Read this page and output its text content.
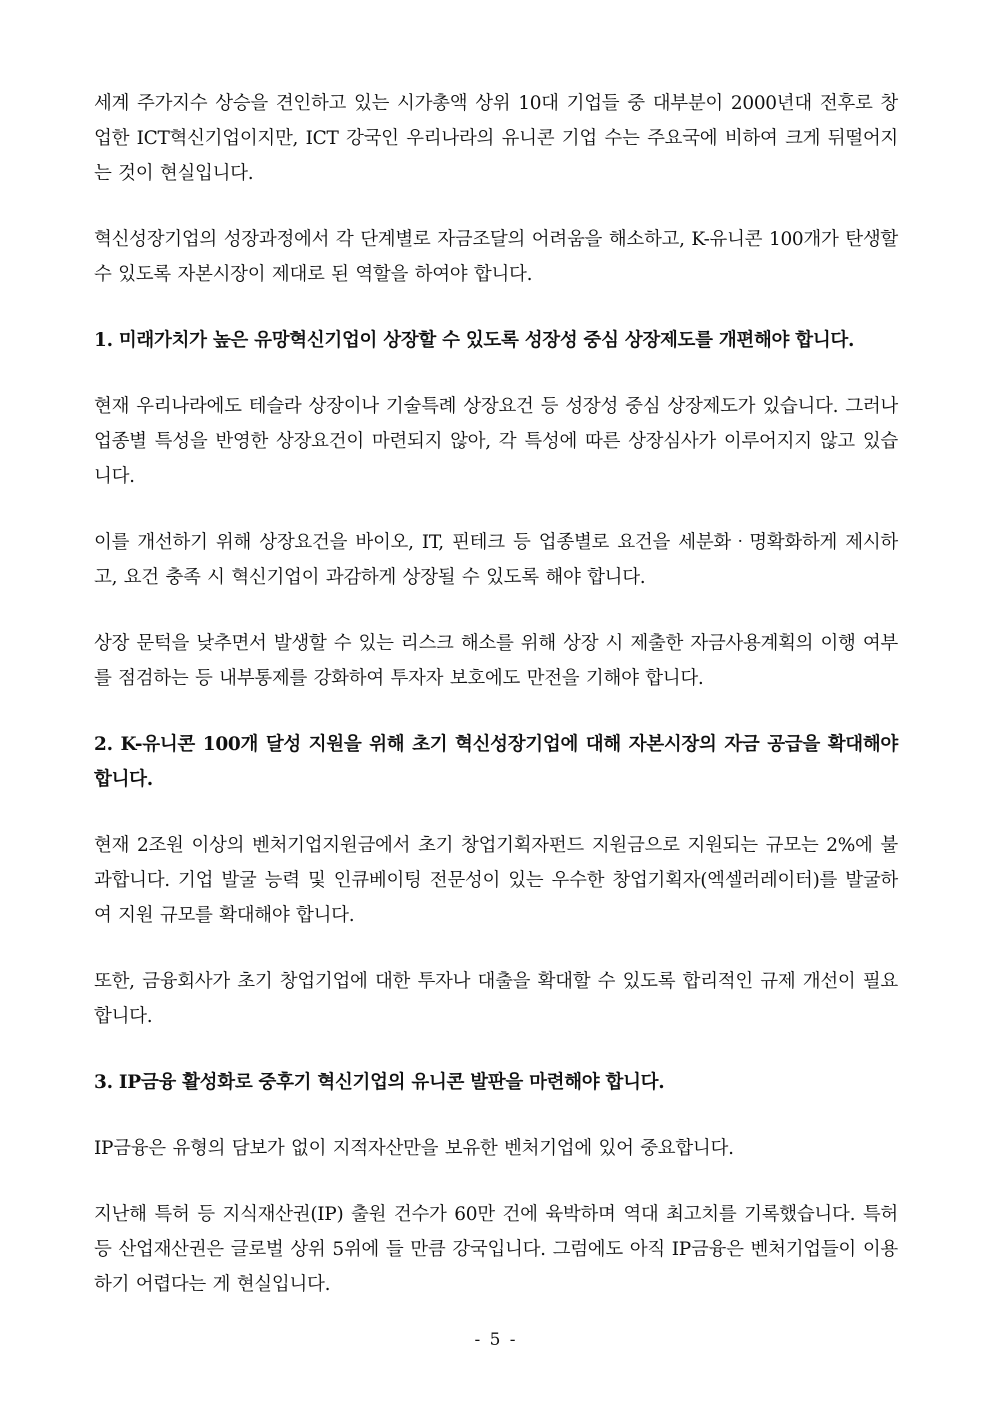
세계 주가지수 상승을 견인하고 있는 시가총액 상위 10대 기업들 중 대부분이 2000년대 전후로 창업한 ICT혁신기업이지만, ICT 강국인 우리나라의 유니콘 기업 수는 주요국에 비하여 크게 뒤떨어지는 것이 현실입니다.

혁신성장기업의 성장과정에서 각 단계별로 자금조달의 어려움을 해소하고, K-유니콘 100개가 탄생할 수 있도록 자본시장이 제대로 된 역할을 하여야 합니다.

1. 미래가치가 높은 유망혁신기업이 상장할 수 있도록 성장성 중심 상장제도를 개편해야 합니다.

현재 우리나라에도 테슬라 상장이나 기술특례 상장요건 등 성장성 중심 상장제도가 있습니다. 그러나 업종별 특성을 반영한 상장요건이 마련되지 않아, 각 특성에 따른 상장심사가 이루어지지 않고 있습니다.

이를 개선하기 위해 상장요건을 바이오, IT, 핀테크 등 업종별로 요건을 세분화‧명확화하게 제시하고, 요건 충족 시 혁신기업이 과감하게 상장될 수 있도록 해야 합니다.

상장 문턱을 낮추면서 발생할 수 있는 리스크 해소를 위해 상장 시 제출한 자금사용계획의 이행 여부를 점검하는 등 내부통제를 강화하여 투자자 보호에도 만전을 기해야 합니다.

2. K-유니콘 100개 달성 지원을 위해 초기 혁신성장기업에 대해 자본시장의 자금 공급을 확대해야 합니다.

현재 2조원 이상의 벤처기업지원금에서 초기 창업기획자펀드 지원금으로 지원되는 규모는 2%에 불과합니다. 기업 발굴 능력 및 인큐베이팅 전문성이 있는 우수한 창업기획자(엑셀러레이터)를 발굴하여 지원 규모를 확대해야 합니다.

또한, 금융회사가 초기 창업기업에 대한 투자나 대출을 확대할 수 있도록 합리적인 규제 개선이 필요합니다.

3. IP금융 활성화로 중후기 혁신기업의 유니콘 발판을 마련해야 합니다.

IP금융은 유형의 담보가 없이 지적자산만을 보유한 벤처기업에 있어 중요합니다.

지난해 특허 등 지식재산권(IP) 출원 건수가 60만 건에 육박하며 역대 최고치를 기록했습니다. 특허 등 산업재산권은 글로벌 상위 5위에 들 만큼 강국입니다. 그럼에도 아직 IP금융은 벤처기업들이 이용하기 어렵다는 게 현실입니다.

- 5 -
